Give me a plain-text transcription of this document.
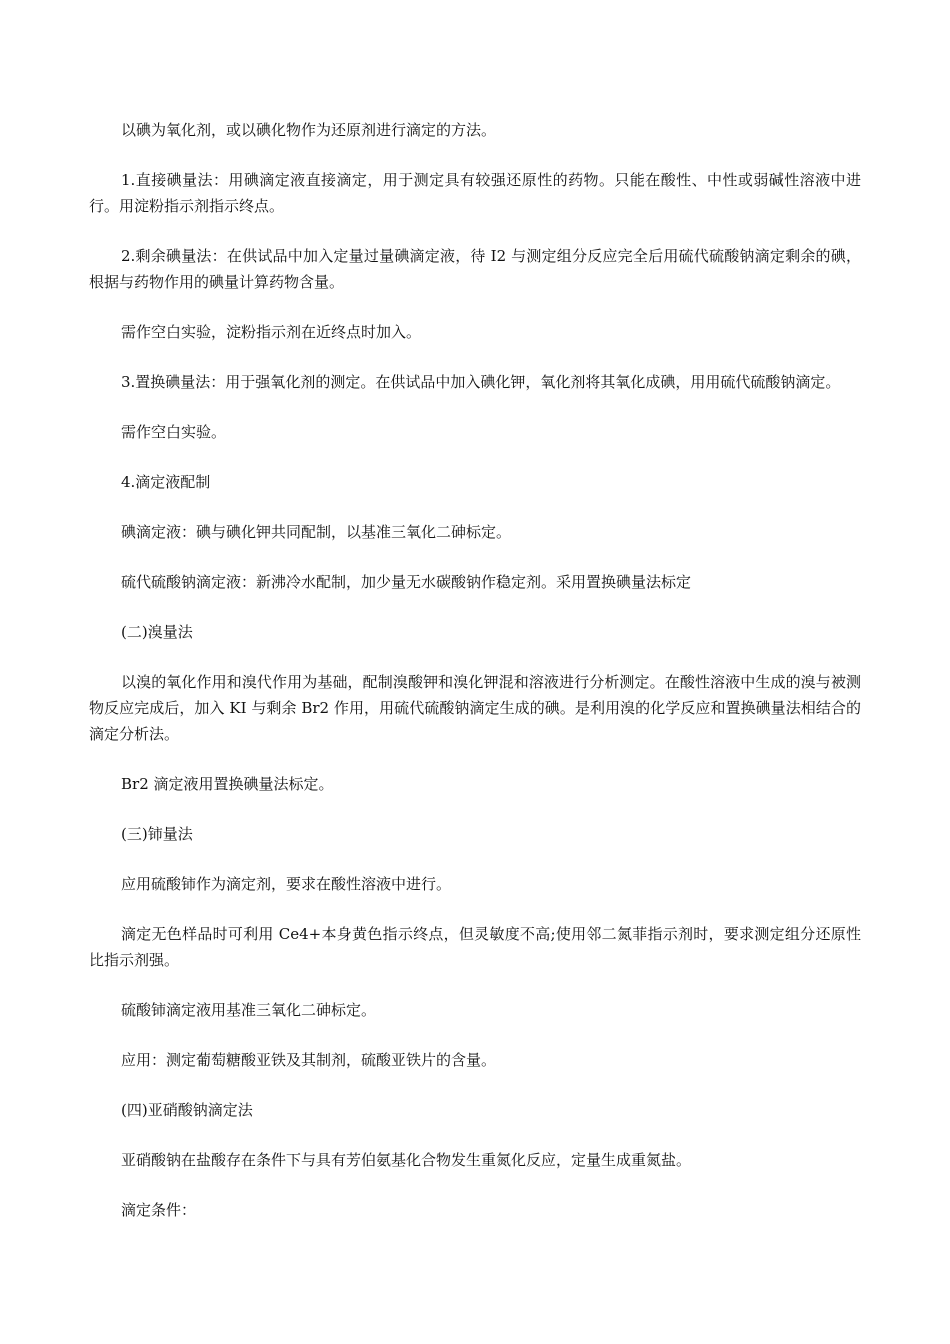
以碘为氧化剂，或以碘化物作为还原剂进行滴定的方法。

1.直接碘量法：用碘滴定液直接滴定，用于测定具有较强还原性的药物。只能在酸性、中性或弱碱性溶液中进行。用淀粉指示剂指示终点。

2.剩余碘量法：在供试品中加入定量过量碘滴定液，待 I2 与测定组分反应完全后用硫代硫酸钠滴定剩余的碘，根据与药物作用的碘量计算药物含量。

需作空白实验，淀粉指示剂在近终点时加入。

3.置换碘量法：用于强氧化剂的测定。在供试品中加入碘化钾，氧化剂将其氧化成碘，用用硫代硫酸钠滴定。

需作空白实验。

4.滴定液配制

碘滴定液：碘与碘化钾共同配制，以基准三氧化二砷标定。

硫代硫酸钠滴定液：新沸冷水配制，加少量无水碳酸钠作稳定剂。采用置换碘量法标定

(二)溴量法

以溴的氧化作用和溴代作用为基础，配制溴酸钾和溴化钾混和溶液进行分析测定。在酸性溶液中生成的溴与被测物反应完成后，加入 KI 与剩余 Br2 作用，用硫代硫酸钠滴定生成的碘。是利用溴的化学反应和置换碘量法相结合的滴定分析法。

Br2 滴定液用置换碘量法标定。

(三)铈量法

应用硫酸铈作为滴定剂，要求在酸性溶液中进行。

滴定无色样品时可利用 Ce4+本身黄色指示终点，但灵敏度不高;使用邻二氮菲指示剂时，要求测定组分还原性比指示剂强。

硫酸铈滴定液用基准三氧化二砷标定。

应用：测定葡萄糖酸亚铁及其制剂，硫酸亚铁片的含量。

(四)亚硝酸钠滴定法

亚硝酸钠在盐酸存在条件下与具有芳伯氨基化合物发生重氮化反应，定量生成重氮盐。

滴定条件：
